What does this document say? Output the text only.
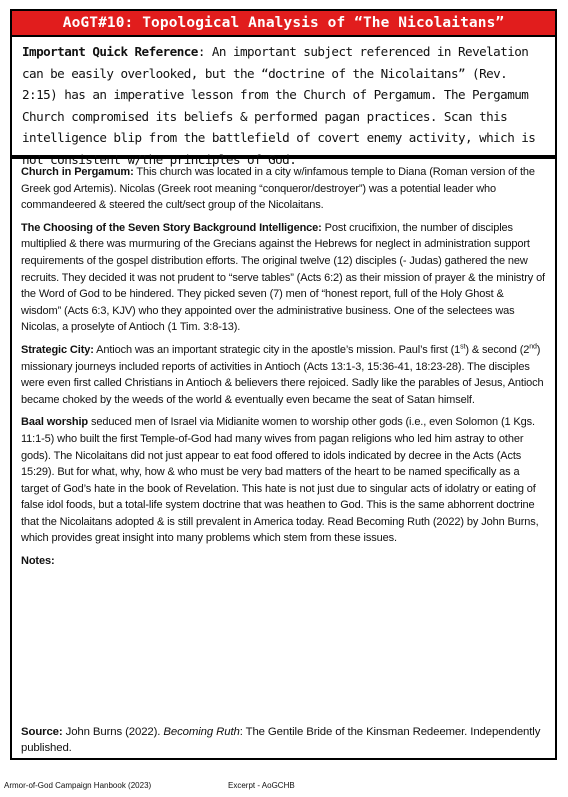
AoGT#10: Topological Analysis of “The Nicolaitans”
Important Quick Reference: An important subject referenced in Revelation can be easily overlooked, but the “doctrine of the Nicolaitans” (Rev. 2:15) has an imperative lesson from the Church of Pergamum. The Pergamum Church compromised its beliefs & performed pagan practices. Scan this intelligence blip from the battlefield of covert enemy activity, which is not consistent w/the principles of God.

Church in Pergamum: This church was located in a city w/infamous temple to Diana (Roman version of the Greek god Artemis). Nicolas (Greek root meaning “conqueror/destroyer”) was a potential leader who commandeered & steered the cult/sect group of the Nicolaitans.

The Choosing of the Seven Story Background Intelligence: Post crucifixion, the number of disciples multiplied & there was murmuring of the Grecians against the Hebrews for neglect in administration support requirements of the gospel distribution efforts. The original twelve (12) disciples (- Judas) gathered the new recruits. They decided it was not prudent to “serve tables” (Acts 6:2) as their mission of prayer & the ministry of the Word of God to be hindered. They picked seven (7) men of “honest report, full of the Holy Ghost & wisdom” (Acts 6:3, KJV) who they appointed over the administrative business. One of the selectees was Nicolas, a proselyte of Antioch (1 Tim. 3:8-13).

Strategic City: Antioch was an important strategic city in the apostle’s mission. Paul’s first (1st) & second (2nd) missionary journeys included reports of activities in Antioch (Acts 13:1-3, 15:36-41, 18:23-28). The disciples were even first called Christians in Antioch & believers there rejoiced. Sadly like the parables of Jesus, Antioch became choked by the weeds of the world & eventually even became the seat of Satan himself.

Baal worship seduced men of Israel via Midianite women to worship other gods (i.e., even Solomon (1 Kgs. 11:1-5) who built the first Temple-of-God had many wives from pagan religions who led him astray to other gods). The Nicolaitans did not just appear to eat food offered to idols indicated by decree in the Acts (Acts 15:29). But for what, why, how & who must be very bad matters of the heart to be named specifically as a target of God’s hate in the book of Revelation. This hate is not just due to singular acts of idolatry or eating of false idol foods, but a total-life system doctrine that was heathen to God. This is the same abhorrent doctrine that the Nicolaitans adopted & is still prevalent in America today. Read Becoming Ruth (2022) by John Burns, which provides great insight into many problems which stem from these issues.

Notes:

Source: John Burns (2022). Becoming Ruth: The Gentile Bride of the Kinsman Redeemer. Independently published.
Armor-of-God Campaign Hanbook (2023)	Excerpt - AoGCHB
